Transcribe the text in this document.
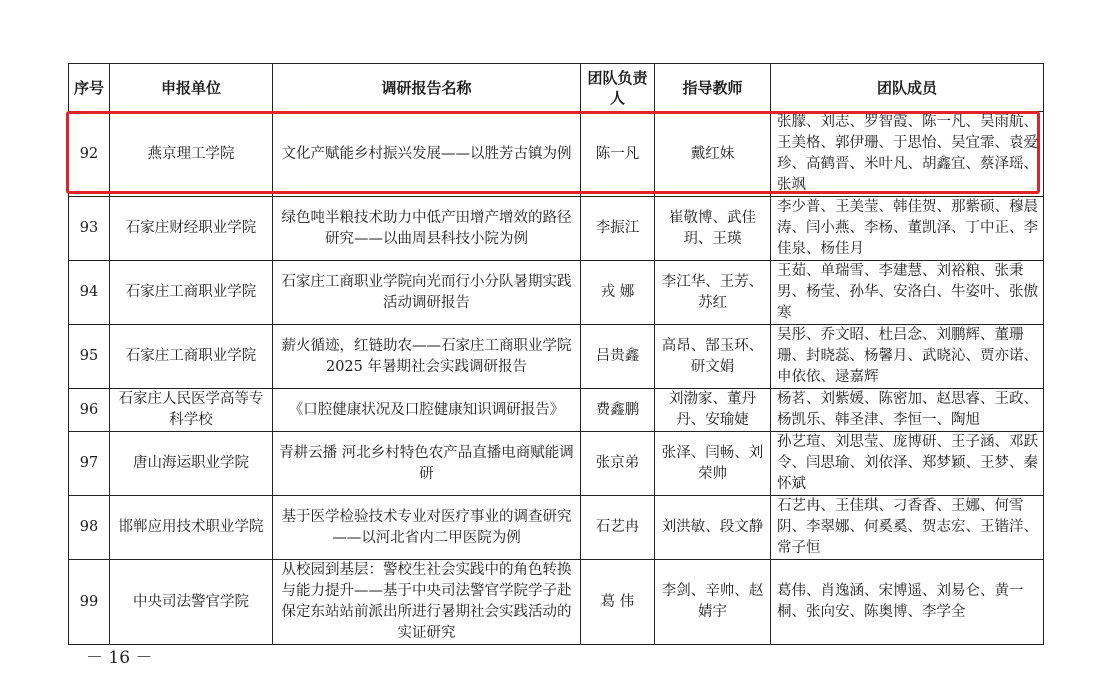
序号	申报单位	调研报告名称	团队负责人	指导教师	团队成员
92	燕京理工学院	文化产赋能乡村振兴发展——以胜芳古镇为例	陈一凡	戴红妹	张朦、刘志、罗智霞、陈一凡、吴雨航、王美格、郭伊珊、于思怡、吴宜霏、袁爱珍、高鹤晋、米叶凡、胡鑫宜、蔡泽瑶、张飒
93	石家庄财经职业学院	绿色吨半粮技术助力中低产田增产增效的路径研究——以曲周县科技小院为例	李振江	崔敬博、武佳玥、王瑛	李少普、王美莹、韩佳贺、那紫硕、穆晨涛、闫小燕、李杨、董凯泽、丁中正、李佳泉、杨佳月
94	石家庄工商职业学院	石家庄工商职业学院向光而行小分队暑期实践活动调研报告	戎 娜	李江华、王芳、苏红	王茹、单瑞雪、李建慧、刘裕粮、张秉男、杨莹、孙华、安洛白、牛姿叶、张傲寒
95	石家庄工商职业学院	薪火循迹，红链助农——石家庄工商职业学院 2025 年暑期社会实践调研报告	吕贵鑫	高昂、郜玉环、研文娟	吴彤、乔文昭、杜吕念、刘鹏辉、董珊珊、封晓蕊、杨馨月、武晓沁、贾亦诺、申依依、逯嘉辉
96	石家庄人民医学高等专科学校	《口腔健康状况及口腔健康知识调研报告》	费鑫鹏	刘渤家、董丹丹、安瑜婕	杨茗、刘紫媛、陈密加、赵思睿、王政、杨凯乐、韩圣津、李恒一、陶旭
97	唐山海运职业学院	青耕云播 河北乡村特色农产品直播电商赋能调研	张京弟	张泽、闫畅、刘荣帅	孙艺瑄、刘思莹、庞博研、王子涵、邓跃令、闫思瑜、刘依泽、郑梦颖、王梦、秦怀斌
98	邯郸应用技术职业学院	基于医学检验技术专业对医疗事业的调查研究——以河北省内二甲医院为例	石艺冉	刘洪敏、段文静	石艺冉、王佳琪、刁香香、王娜、何雪阴、李翠娜、何奚奚、贺志宏、王锴洋、常子恒
99	中央司法警官学院	从校园到基层：警校生社会实践中的角色转换与能力提升——基于中央司法警官学院学子赴保定东站站前派出所进行暑期社会实践活动的实证研究	葛 伟	李剑、辛帅、赵婧宇	葛伟、肖逸涵、宋博遥、刘易仑、黄一桐、张向安、陈奥博、李学全
－ 16 －
